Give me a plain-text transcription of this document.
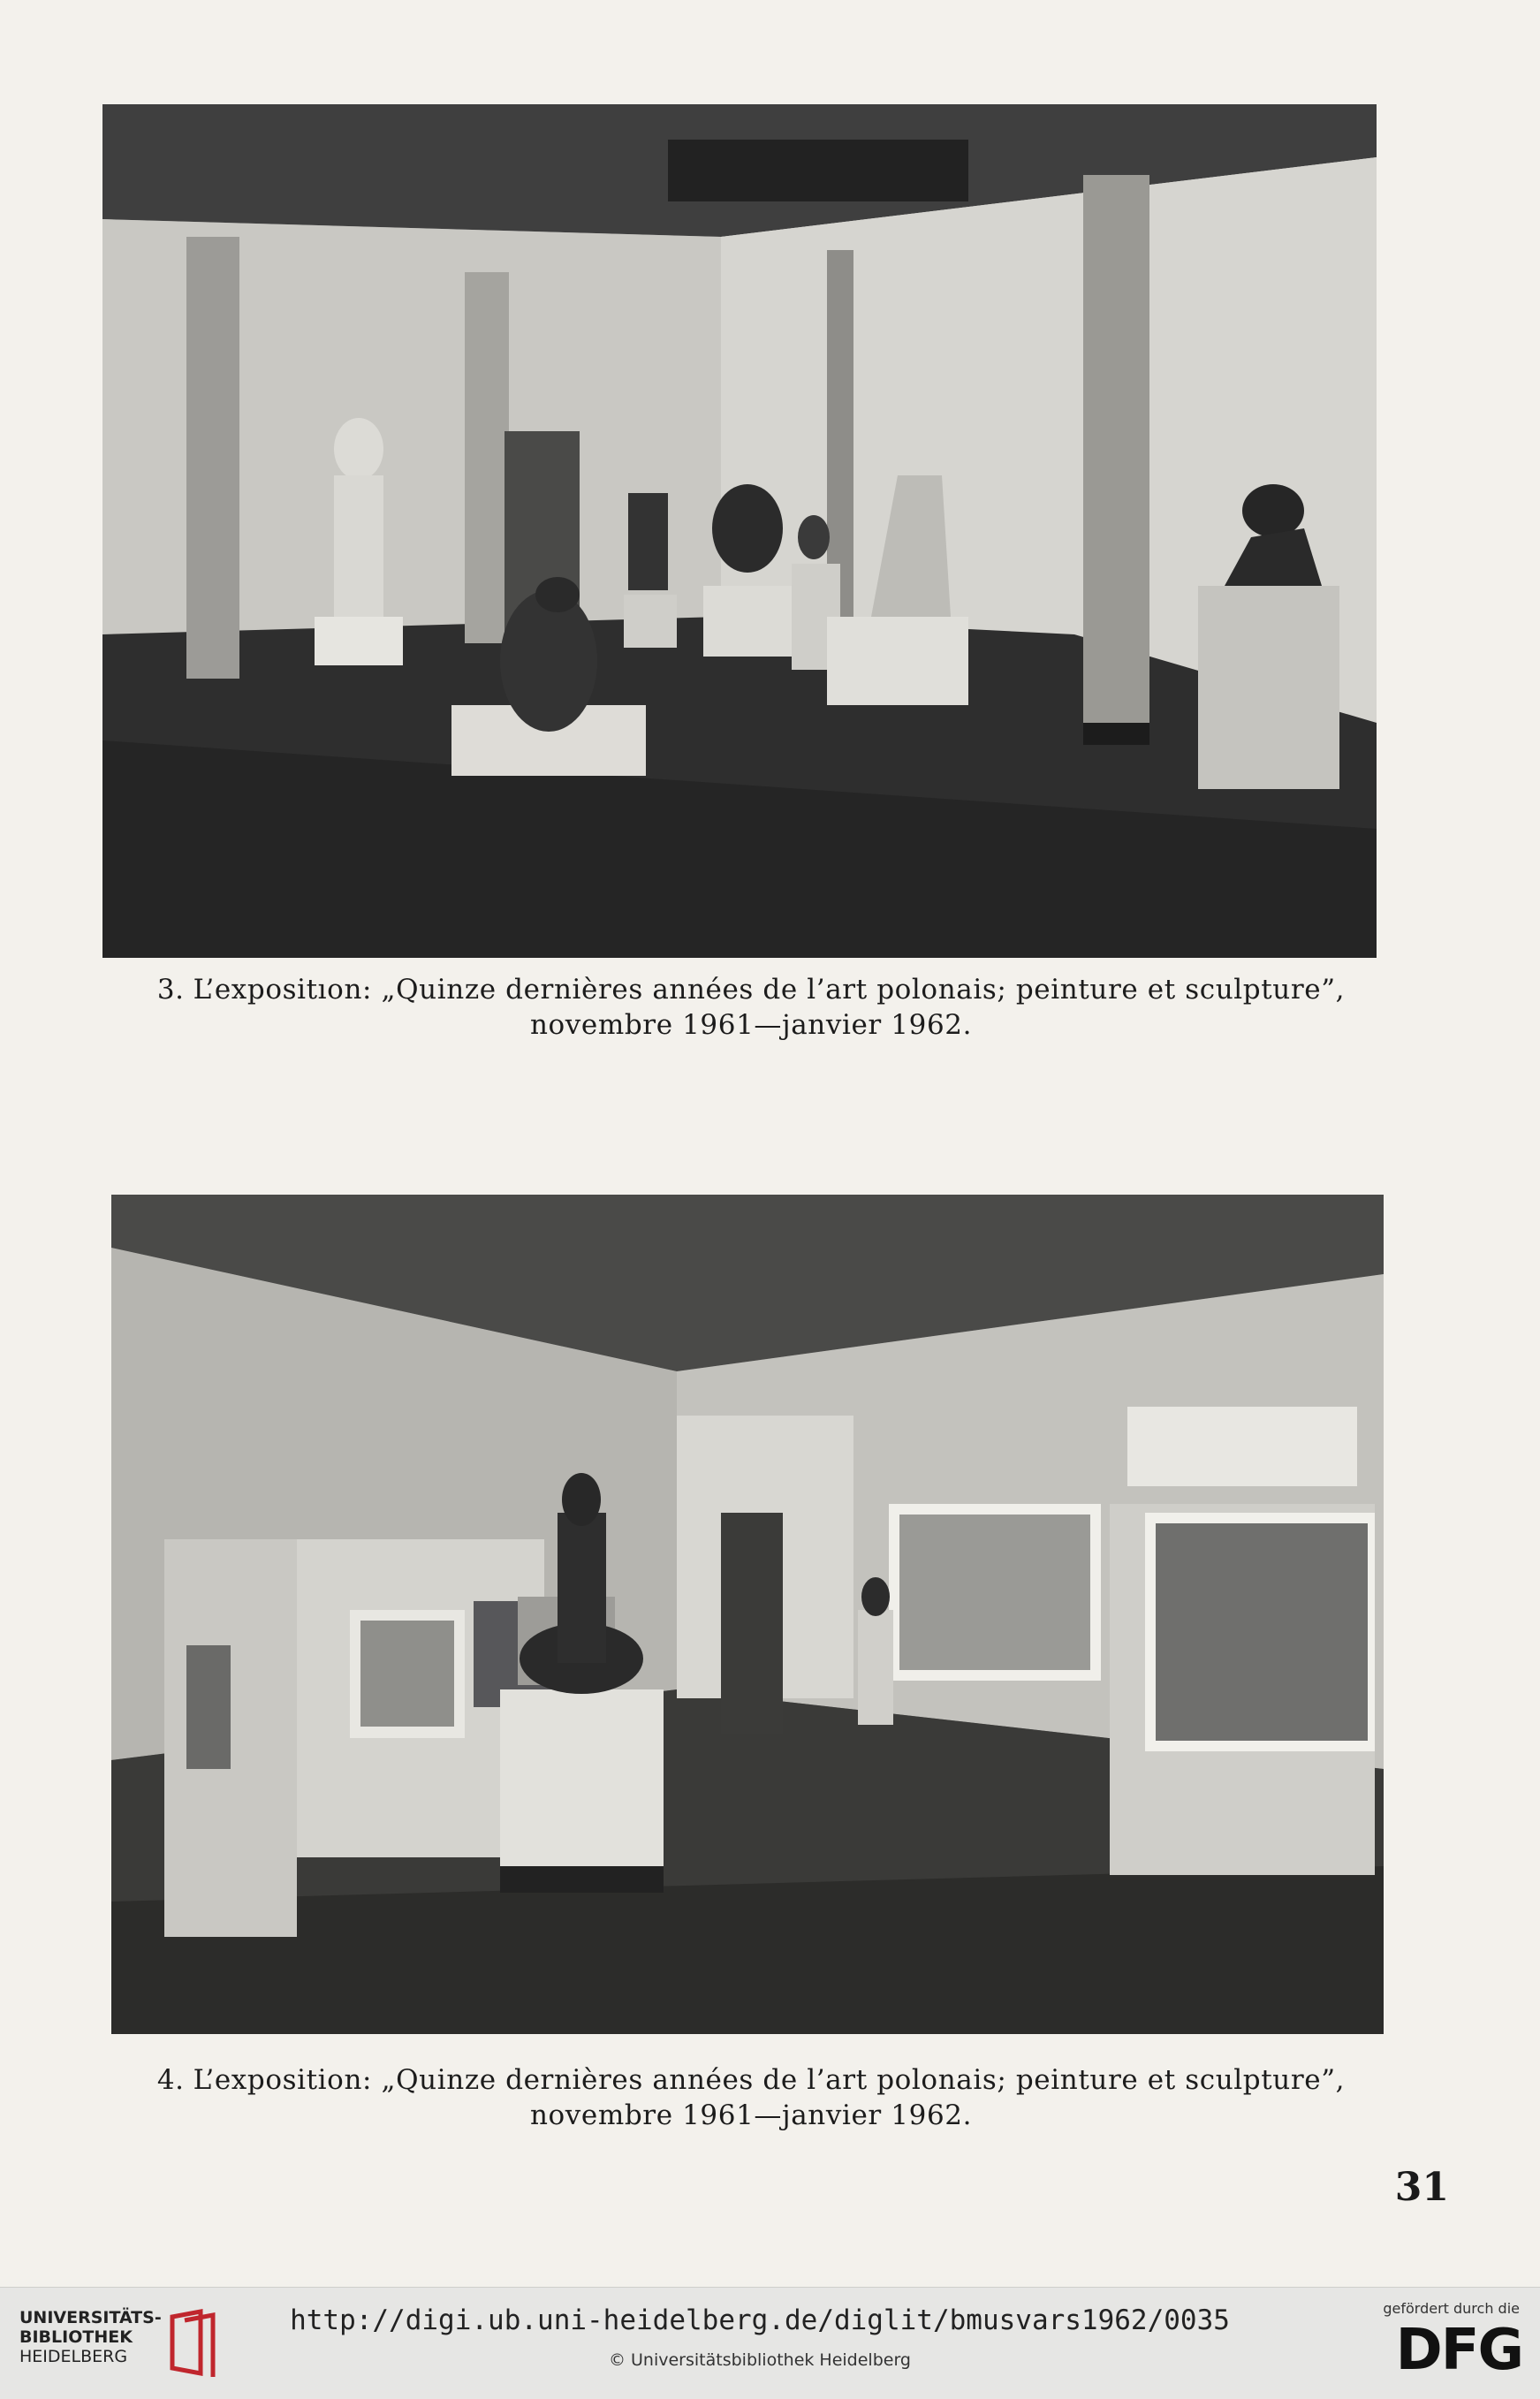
3. L’expositıon: „Quinze dernières années de l’art polonais; peinture et sculpture”,
novembre 1961—janvier 1962.

4. L’exposition: „Quinze dernières années de l’art polonais; peinture et sculpture”,
novembre 1961—janvier 1962.

31
UNIVERSITÄTS-
BIBLIOTHEK
HEIDELBERG
http://digi.ub.uni-heidelberg.de/diglit/bmusvars1962/0035
© Universitätsbibliothek Heidelberg
gefördert durch die
DFG
